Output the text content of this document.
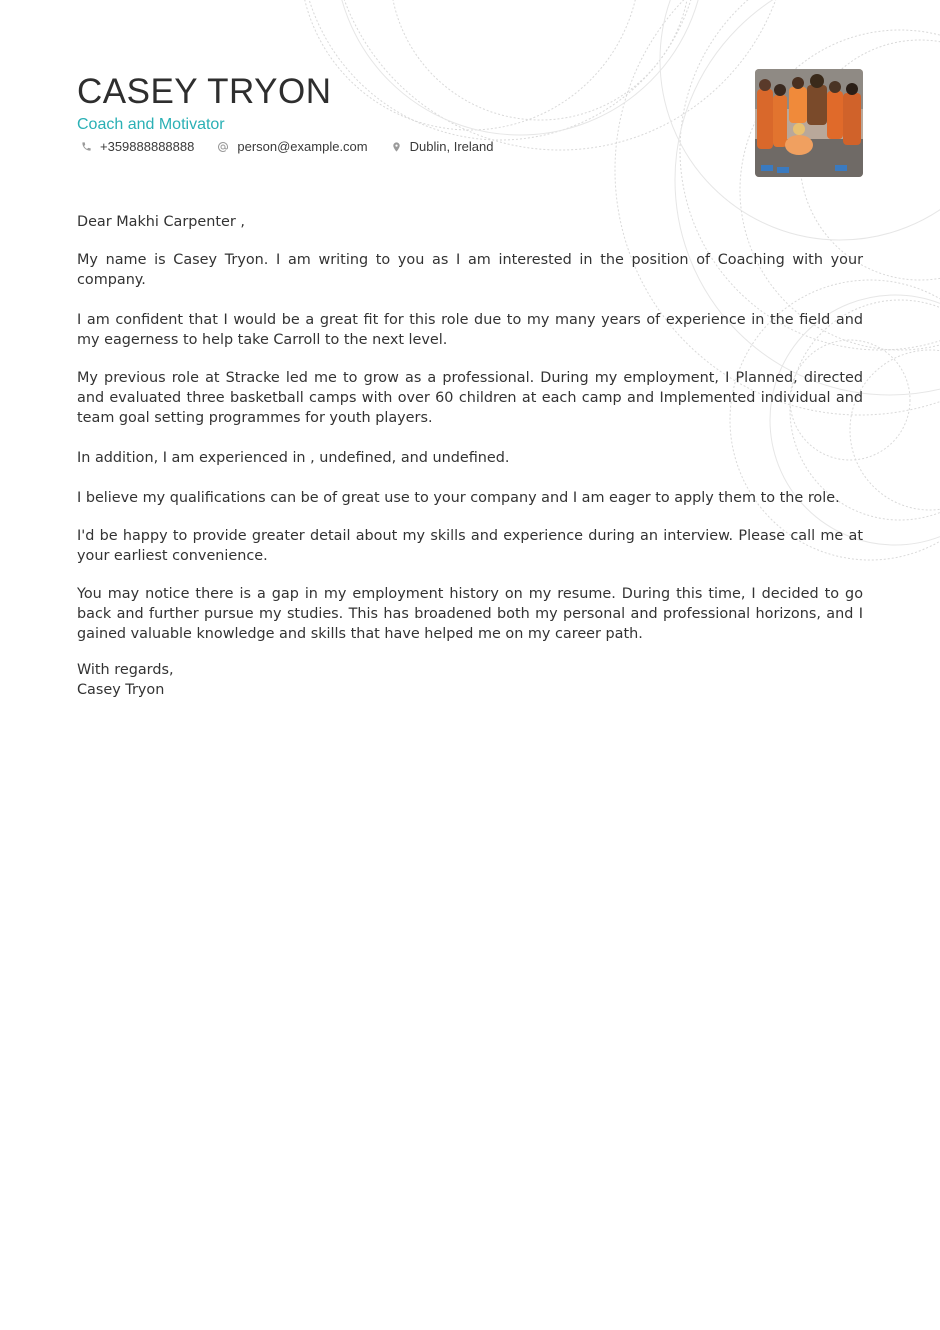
CASEY TRYON
Coach and Motivator
+359888888888	person@example.com	Dublin, Ireland

Dear Makhi Carpenter ,

My name is Casey Tryon. I am writing to you as I am interested in the position of Coaching with your company.

I am confident that I would be a great fit for this role due to my many years of experience in the field and my eagerness to help take Carroll to the next level.

My previous role at Stracke led me to grow as a professional. During my employment, I Planned, directed and evaluated three basketball camps with over 60 children at each camp and Implemented individual and team goal setting programmes for youth players.

In addition, I am experienced in , undefined, and undefined.

I believe my qualifications can be of great use to your company and I am eager to apply them to the role.

I'd be happy to provide greater detail about my skills and experience during an interview. Please call me at your earliest convenience.

You may notice there is a gap in my employment history on my resume. During this time, I decided to go back and further pursue my studies. This has broadened both my personal and professional horizons, and I gained valuable knowledge and skills that have helped me on my career path.

With regards,
Casey Tryon
